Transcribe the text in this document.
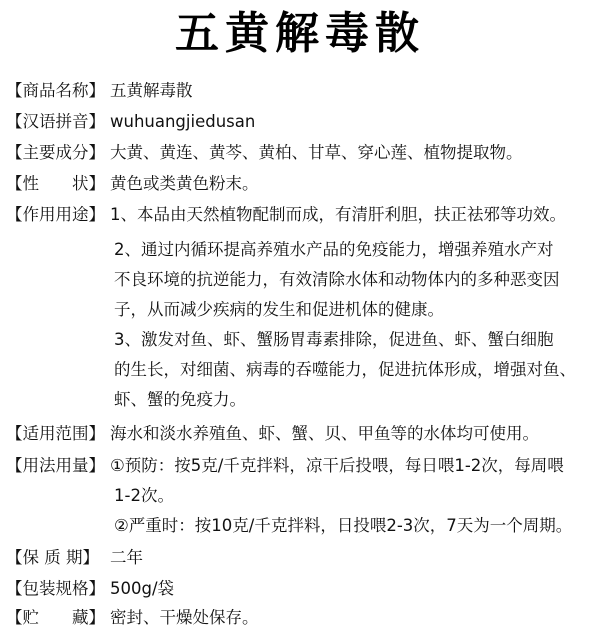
五黄解毒散
【商品名称】 五黄解毒散
【汉语拼音】 wuhuangjiedusan
【主要成分】 大黄、黄连、黄芩、黄柏、甘草、穿心莲、植物提取物。
【性　　状】 黄色或类黄色粉末。
【作用用途】 1、本品由天然植物配制而成，有清肝利胆，扶正祛邪等功效。
2、通过内循环提高养殖水产品的免疫能力，增强养殖水产对
不良环境的抗逆能力，有效清除水体和动物体内的多种恶变因
子，从而减少疾病的发生和促进机体的健康。
3、激发对鱼、虾、蟹肠胃毒素排除，促进鱼、虾、蟹白细胞
的生长，对细菌、病毒的吞噬能力，促进抗体形成，增强对鱼、
虾、蟹的免疫力。
【适用范围】 海水和淡水养殖鱼、虾、蟹、贝、甲鱼等的水体均可使用。
【用法用量】 ①预防：按5克/千克拌料，凉干后投喂，每日喂1-2次，每周喂
1-2次。
②严重时：按10克/千克拌料，日投喂2-3次，7天为一个周期。
【保 质 期】 二年
【包装规格】 500g/袋
【贮　　藏】 密封、干燥处保存。
